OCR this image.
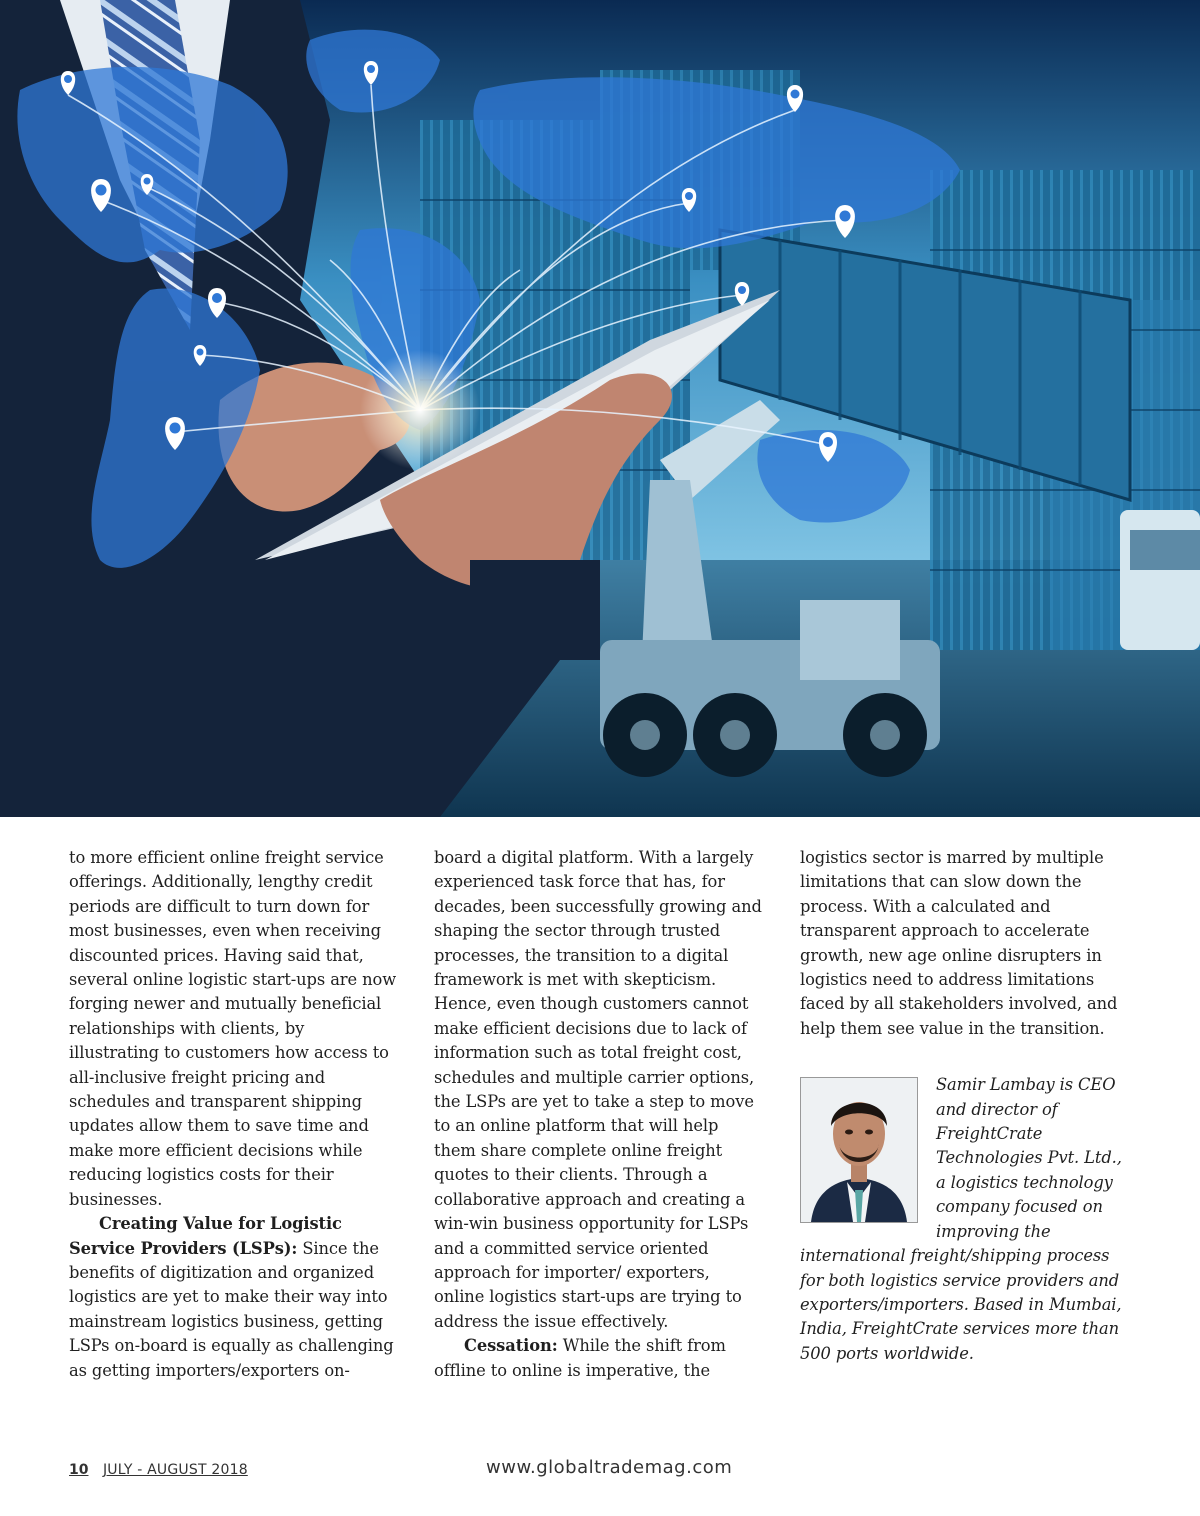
to more efficient online freight service offerings. Additionally, lengthy credit periods are difficult to turn down for most businesses, even when receiving discounted prices. Having said that, several online logistic start-ups are now forging newer and mutually beneficial relationships with clients, by illustrating to customers how access to all-inclusive freight pricing and schedules and transparent shipping updates allow them to save time and make more efficient decisions while reducing logistics costs for their businesses.

Creating Value for Logistic Service Providers (LSPs): Since the benefits of digitization and organized logistics are yet to make their way into mainstream logistics business, getting LSPs on-board is equally as challenging as getting importers/exporters on-

board a digital platform. With a largely experienced task force that has, for decades, been successfully growing and shaping the sector through trusted processes, the transition to a digital framework is met with skepticism. Hence, even though customers cannot make efficient decisions due to lack of information such as total freight cost, schedules and multiple carrier options, the LSPs are yet to take a step to move to an online platform that will help them share complete online freight quotes to their clients. Through a collaborative approach and creating a win-win business opportunity for LSPs and a committed service oriented approach for importer/ exporters, online logistics start-ups are trying to address the issue effectively.

Cessation: While the shift from offline to online is imperative, the

logistics sector is marred by multiple limitations that can slow down the process. With a calculated and transparent approach to accelerate growth, new age online disrupters in logistics need to address limitations faced by all stakeholders involved, and help them see value in the transition.

Samir Lambay is CEO and director of FreightCrate Technologies Pvt. Ltd., a logistics technology company focused on improving the international freight/shipping process for both logistics service providers and exporters/importers. Based in Mumbai, India, FreightCrate services more than 500 ports worldwide.
10 JULY - AUGUST 2018	www.globaltrademag.com
